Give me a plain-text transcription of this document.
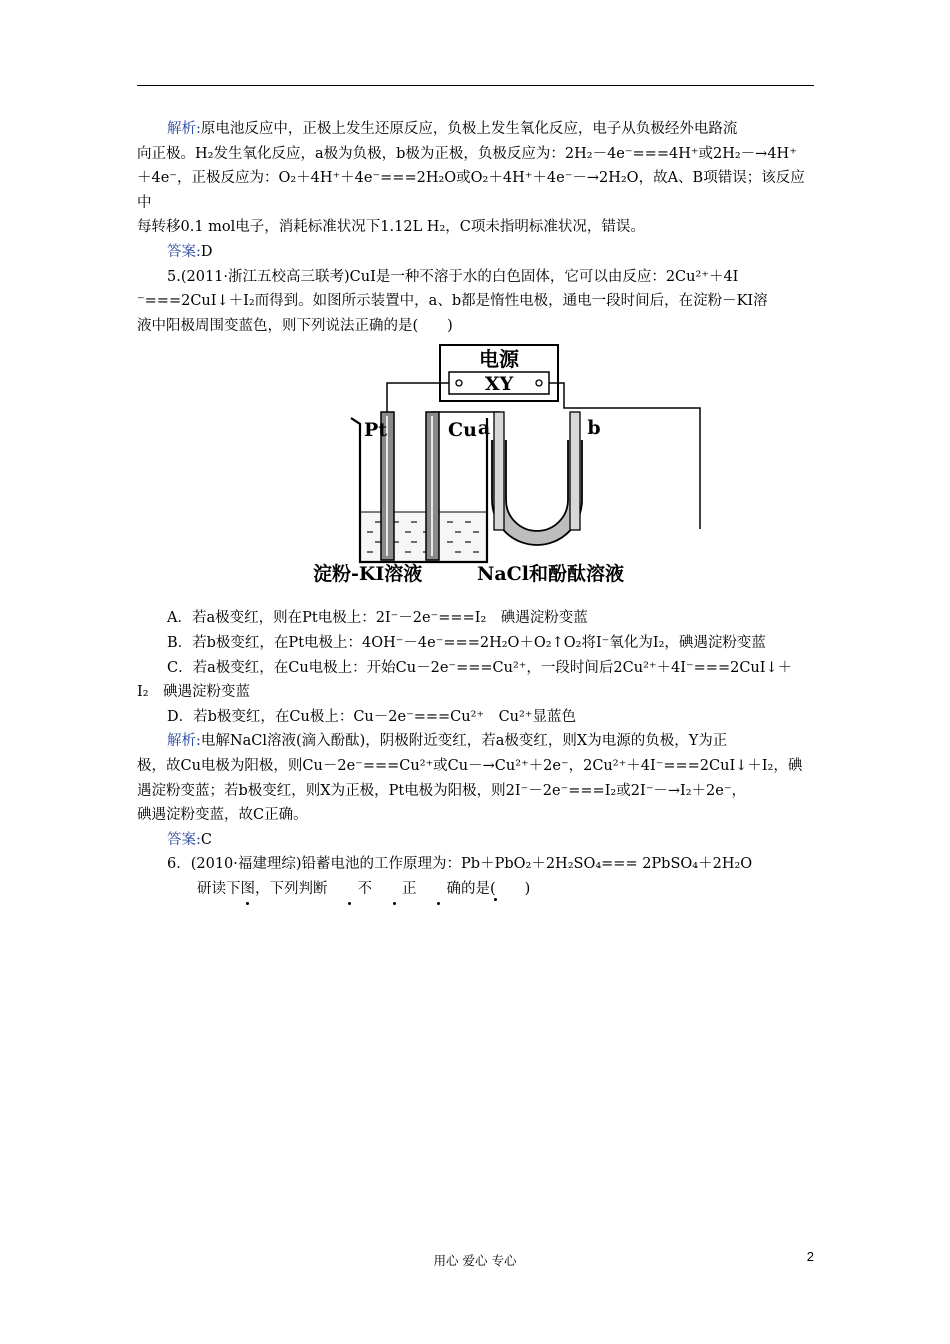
解析:原电池反应中，正极上发生还原反应，负极上发生氧化反应，电子从负极经外电路流

向正极。H₂发生氧化反应，a极为负极，b极为正极，负极反应为：2H₂－4e⁻===4H⁺或2H₂－→4H⁺

＋4e⁻，正极反应为：O₂＋4H⁺＋4e⁻===2H₂O或O₂＋4H⁺＋4e⁻－→2H₂O，故A、B项错误；该反应中

每转移0.1 mol电子，消耗标准状况下1.12L H₂，C项未指明标准状况，错误。

答案:D

5.(2011·浙江五校高三联考)CuI是一种不溶于水的白色固体，它可以由反应：2Cu²⁺＋4I

⁻===2CuI↓＋I₂而得到。如图所示装置中，a、b都是惰性电极，通电一段时间后，在淀粉－KI溶

液中阳极周围变蓝色，则下列说法正确的是(　　)

电源
XY
Pt	Cu a	b
淀粉-KI溶液	NaCl和酚酞溶液

A．若a极变红，则在Pt电极上：2I⁻－2e⁻===I₂　碘遇淀粉变蓝

B．若b极变红，在Pt电极上：4OH⁻－4e⁻===2H₂O＋O₂↑O₂将I⁻氧化为I₂，碘遇淀粉变蓝

C．若a极变红，在Cu电极上：开始Cu－2e⁻===Cu²⁺，一段时间后2Cu²⁺＋4I⁻===2CuI↓＋

I₂　碘遇淀粉变蓝

D．若b极变红，在Cu极上：Cu－2e⁻===Cu²⁺　Cu²⁺显蓝色

解析:电解NaCl溶液(滴入酚酞)，阴极附近变红，若a极变红，则X为电源的负极，Y为正

极，故Cu电极为阳极，则Cu－2e⁻===Cu²⁺或Cu－→Cu²⁺＋2e⁻，2Cu²⁺＋4I⁻===2CuI↓＋I₂，碘

遇淀粉变蓝；若b极变红，则X为正极，Pt电极为阳极，则2I⁻－2e⁻===I₂或2I⁻－→I₂＋2e⁻，

碘遇淀粉变蓝，故C正确。

答案:C

6．(2010·福建理综)铅蓄电池的工作原理为：Pb＋PbO₂＋2H₂SO₄=== 2PbSO₄＋2H₂O

研读下图，下列判断 不 正 确的是(　　)

用心 爱心 专心	2
